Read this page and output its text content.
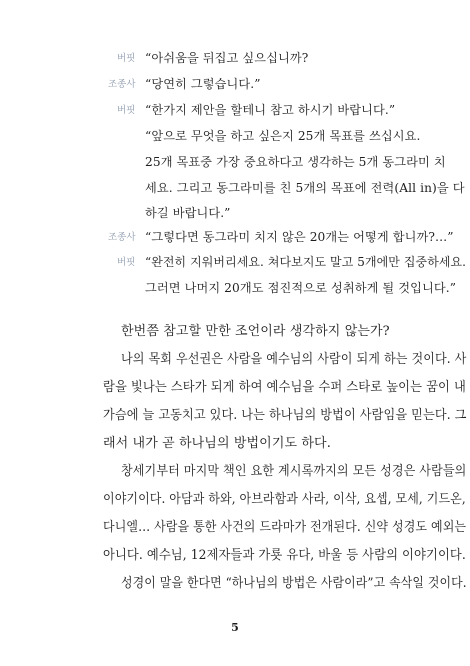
버핏 “아쉬움을 뒤집고 싶으십니까?
조종사 “당연히 그렇습니다.”
버핏 “한가지 제안을 할테니 참고 하시기 바랍니다.”
“앞으로 무엇을 하고 싶은지 25개 목표를 쓰십시요.
25개 목표중 가장 중요하다고 생각하는 5개 동그라미 치
세요. 그리고 동그라미를 친 5개의 목표에 전력(All in)을 다
하길 바랍니다.”
조종사 “그렇다면 동그라미 치지 않은 20개는 어떻게 합니까?…”
버핏 “완전히 지워버리세요. 쳐다보지도 말고 5개에만 집중하세요.
그러면 나머지 20개도 점진적으로 성취하게 될 것입니다.”
한번쯤 참고할 만한 조언이라 생각하지 않는가?
나의 목회 우선권은 사람을 예수님의 사람이 되게 하는 것이다. 사
람을 빛나는 스타가 되게 하여 예수님을 수퍼 스타로 높이는 꿈이 내
가슴에 늘 고동치고 있다. 나는 하나님의 방법이 사람임을 믿는다. 그
래서 내가 곧 하나님의 방법이기도 하다.
창세기부터 마지막 책인 요한 계시록까지의 모든 성경은 사람들의
이야기이다. 아담과 하와, 아브라함과 사라, 이삭, 요셉, 모세, 기드온,
다니엘… 사람을 통한 사건의 드라마가 전개된다. 신약 성경도 예외는
아니다. 예수님, 12제자들과 가룟 유다, 바울 등 사람의 이야기이다.
성경이 말을 한다면 “하나님의 방법은 사람이라”고 속삭일 것이다.
5
